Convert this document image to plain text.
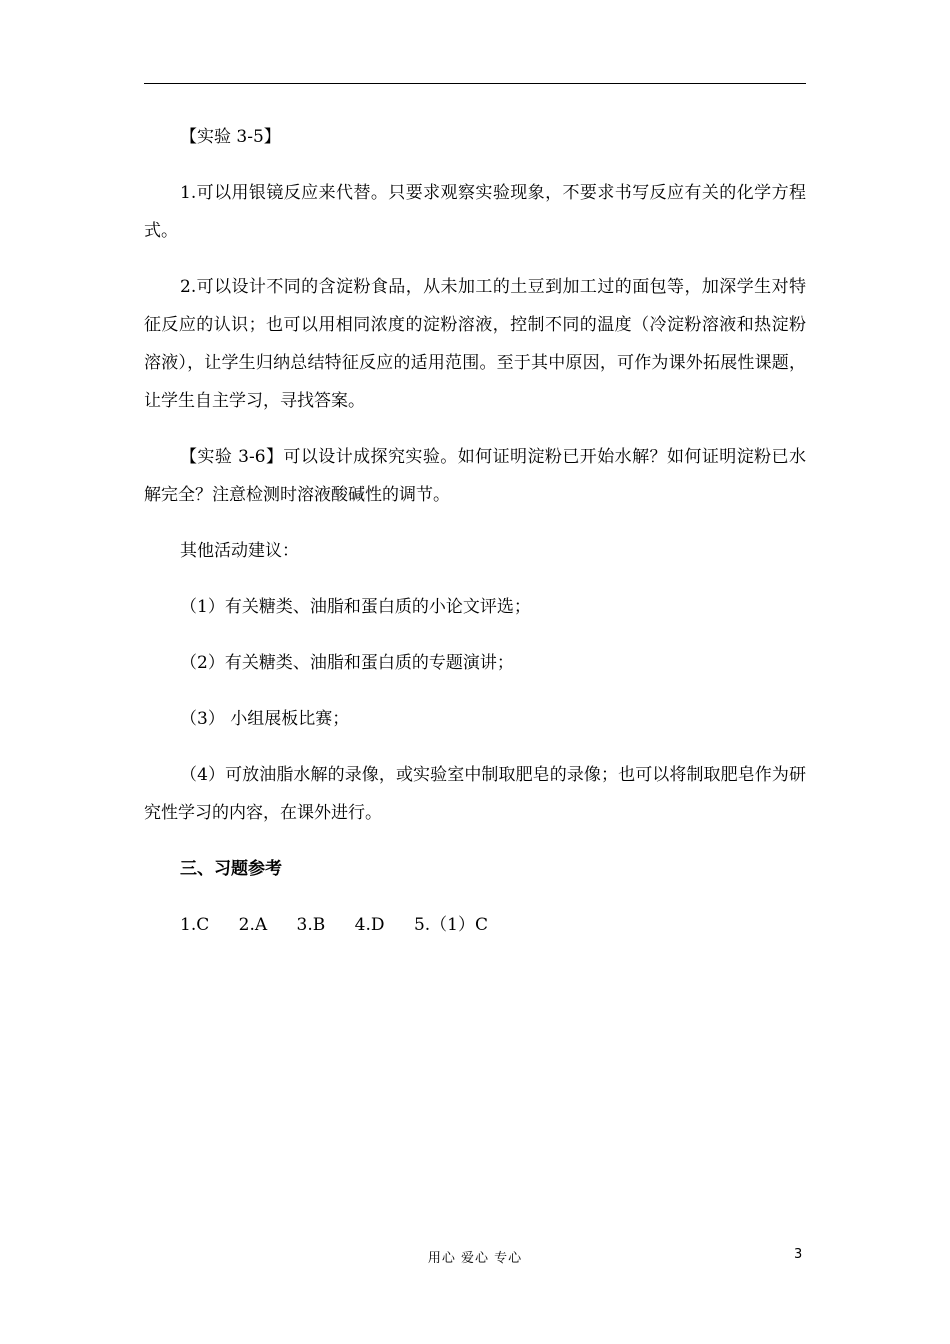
【实验 3-5】

1.可以用银镜反应来代替。只要求观察实验现象，不要求书写反应有关的化学方程式。

2.可以设计不同的含淀粉食品，从未加工的土豆到加工过的面包等，加深学生对特征反应的认识；也可以用相同浓度的淀粉溶液，控制不同的温度（冷淀粉溶液和热淀粉溶液），让学生归纳总结特征反应的适用范围。至于其中原因，可作为课外拓展性课题，让学生自主学习，寻找答案。

【实验 3-6】可以设计成探究实验。如何证明淀粉已开始水解？如何证明淀粉已水解完全？注意检测时溶液酸碱性的调节。

其他活动建议：

（1）有关糖类、油脂和蛋白质的小论文评选；

（2）有关糖类、油脂和蛋白质的专题演讲；

（3） 小组展板比赛；

（4）可放油脂水解的录像，或实验室中制取肥皂的录像；也可以将制取肥皂作为研究性学习的内容，在课外进行。

三、习题参考

1.C 2.A 3.B 4.D 5.（1）C

用心 爱心 专心	3
